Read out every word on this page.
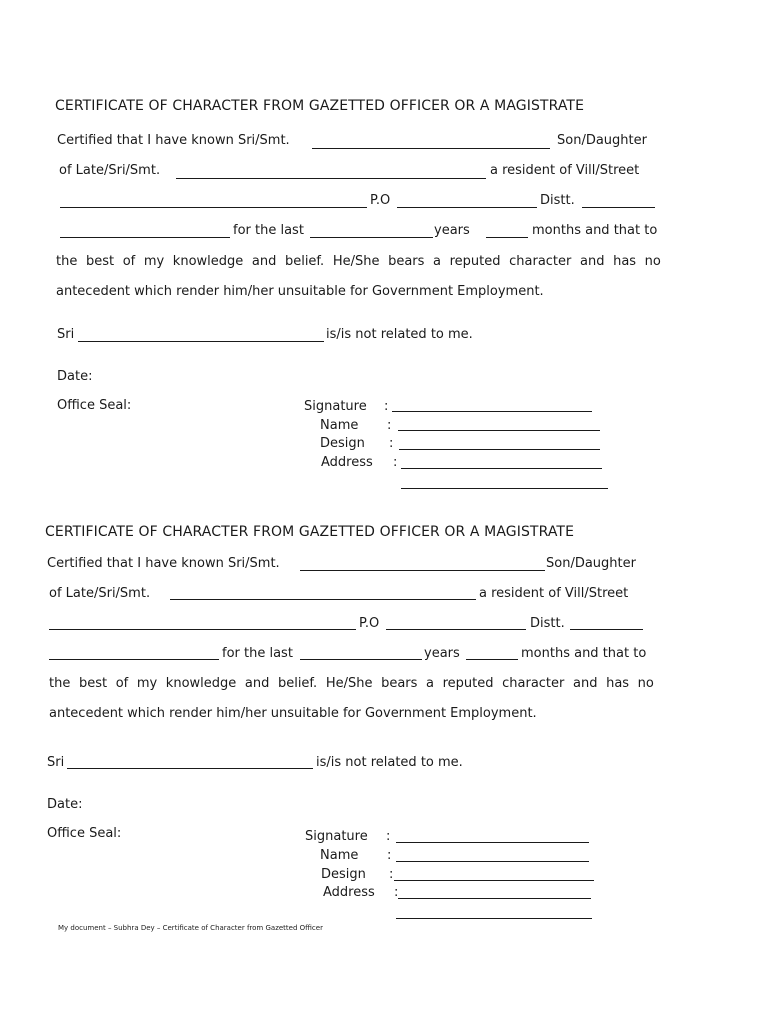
CERTIFICATE OF CHARACTER FROM GAZETTED OFFICER OR A MAGISTRATE
Certified that I have known Sri/Smt.	Son/Daughter
of Late/Sri/Smt.	a resident of Vill/Street
P.O	Distt.
for the last	years	months and that to
the best of my knowledge and belief. He/She bears a reputed character and has no
antecedent which render him/her unsuitable for Government Employment.
Sri	is/is not related to me.
Date:
Office Seal:	Signature :
Name :
Design :
Address :
CERTIFICATE OF CHARACTER FROM GAZETTED OFFICER OR A MAGISTRATE
Certified that I have known Sri/Smt.	Son/Daughter
of Late/Sri/Smt.	a resident of Vill/Street
P.O	Distt.
for the last	years	months and that to
the best of my knowledge and belief. He/She bears a reputed character and has no
antecedent which render him/her unsuitable for Government Employment.
Sri	is/is not related to me.
Date:
Office Seal:	Signature :
Name :
Design :
Address :
My document – Subhra Dey – Certificate of Character from Gazetted Officer
